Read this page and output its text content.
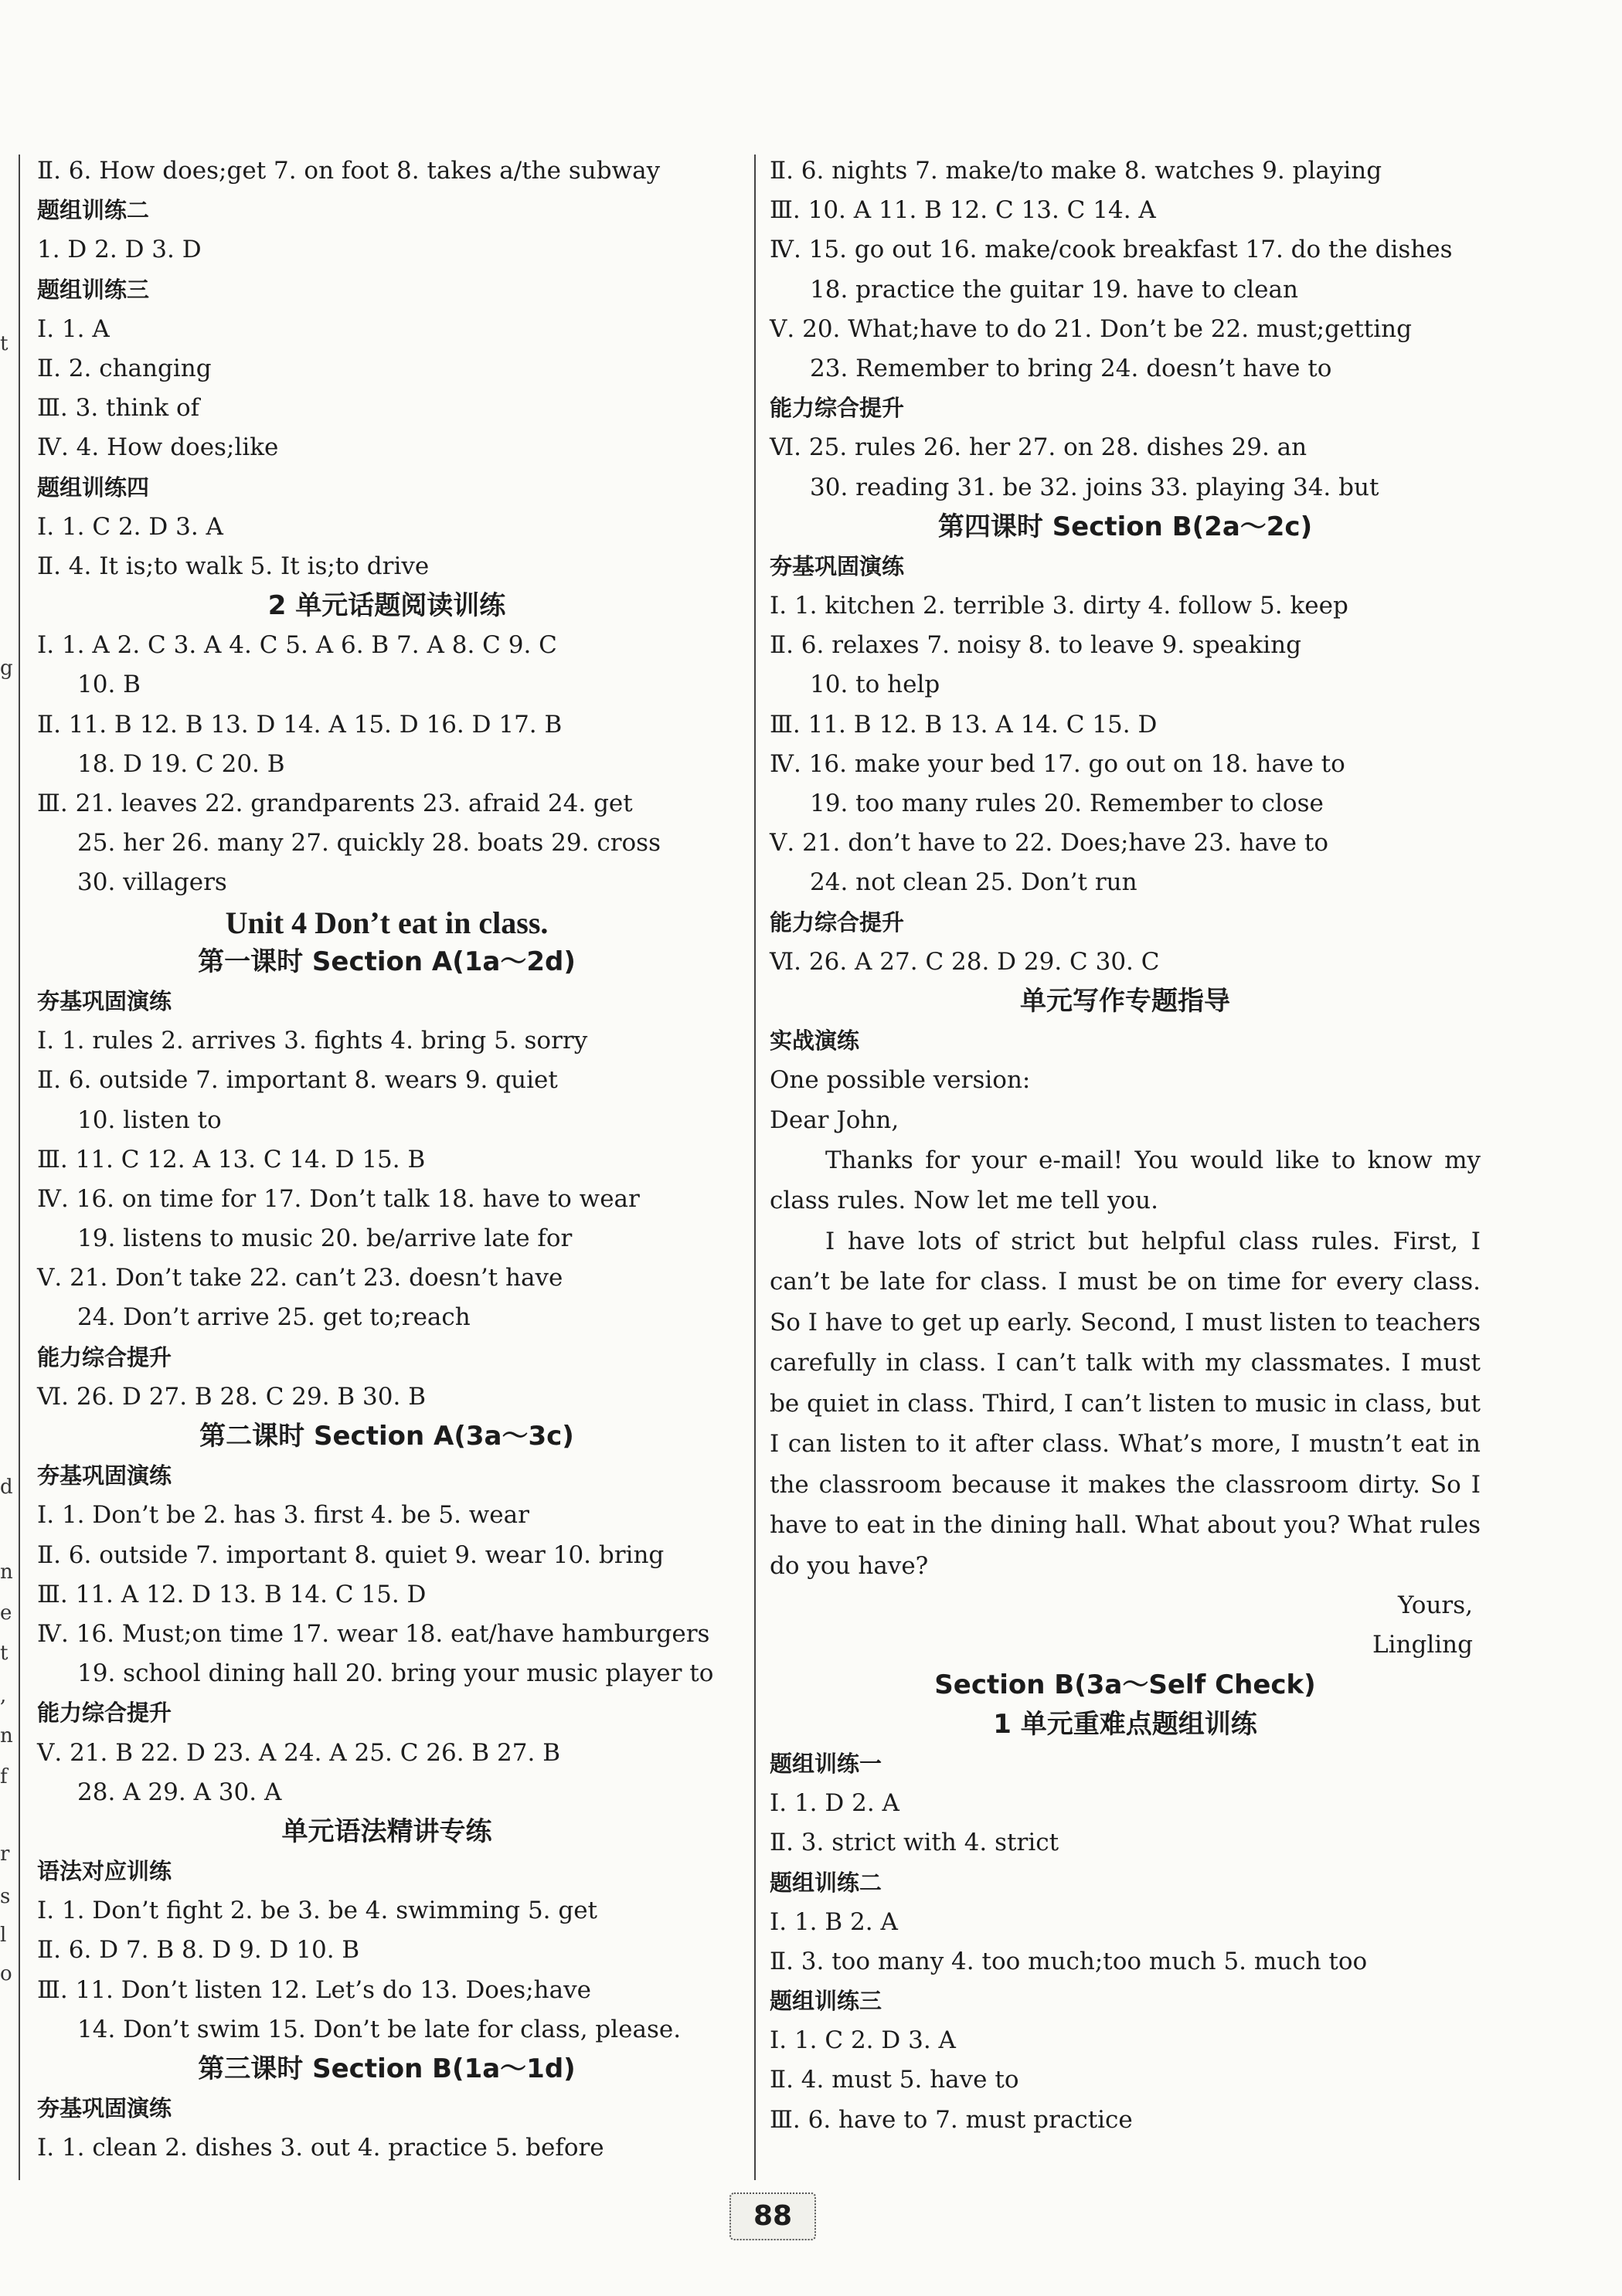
t
g
d
n
e
t
,
n
f
r
s
l
o
Ⅱ. 6. How does;get 7. on foot 8. takes a/the subway
题组训练二
1. D 2. D 3. D
题组训练三
Ⅰ. 1. A
Ⅱ. 2. changing
Ⅲ. 3. think of
Ⅳ. 4. How does;like
题组训练四
Ⅰ. 1. C 2. D 3. A
Ⅱ. 4. It is;to walk 5. It is;to drive
2 单元话题阅读训练
Ⅰ. 1. A 2. C 3. A 4. C 5. A 6. B 7. A 8. C 9. C
10. B
Ⅱ. 11. B 12. B 13. D 14. A 15. D 16. D 17. B
18. D 19. C 20. B
Ⅲ. 21. leaves 22. grandparents 23. afraid 24. get
25. her 26. many 27. quickly 28. boats 29. cross
30. villagers
Unit 4 Don’t eat in class.
第一课时 Section A(1a～2d)
夯基巩固演练
Ⅰ. 1. rules 2. arrives 3. fights 4. bring 5. sorry
Ⅱ. 6. outside 7. important 8. wears 9. quiet
10. listen to
Ⅲ. 11. C 12. A 13. C 14. D 15. B
Ⅳ. 16. on time for 17. Don’t talk 18. have to wear
19. listens to music 20. be/arrive late for
Ⅴ. 21. Don’t take 22. can’t 23. doesn’t have
24. Don’t arrive 25. get to;reach
能力综合提升
Ⅵ. 26. D 27. B 28. C 29. B 30. B
第二课时 Section A(3a～3c)
夯基巩固演练
Ⅰ. 1. Don’t be 2. has 3. first 4. be 5. wear
Ⅱ. 6. outside 7. important 8. quiet 9. wear 10. bring
Ⅲ. 11. A 12. D 13. B 14. C 15. D
Ⅳ. 16. Must;on time 17. wear 18. eat/have hamburgers
19. school dining hall 20. bring your music player to
能力综合提升
Ⅴ. 21. B 22. D 23. A 24. A 25. C 26. B 27. B
28. A 29. A 30. A
单元语法精讲专练
语法对应训练
Ⅰ. 1. Don’t fight 2. be 3. be 4. swimming 5. get
Ⅱ. 6. D 7. B 8. D 9. D 10. B
Ⅲ. 11. Don’t listen 12. Let’s do 13. Does;have
14. Don’t swim 15. Don’t be late for class, please.
第三课时 Section B(1a～1d)
夯基巩固演练
Ⅰ. 1. clean 2. dishes 3. out 4. practice 5. before
Ⅱ. 6. nights 7. make/to make 8. watches 9. playing
Ⅲ. 10. A 11. B 12. C 13. C 14. A
Ⅳ. 15. go out 16. make/cook breakfast 17. do the dishes
18. practice the guitar 19. have to clean
Ⅴ. 20. What;have to do 21. Don’t be 22. must;getting
23. Remember to bring 24. doesn’t have to
能力综合提升
Ⅵ. 25. rules 26. her 27. on 28. dishes 29. an
30. reading 31. be 32. joins 33. playing 34. but
第四课时 Section B(2a～2c)
夯基巩固演练
Ⅰ. 1. kitchen 2. terrible 3. dirty 4. follow 5. keep
Ⅱ. 6. relaxes 7. noisy 8. to leave 9. speaking
10. to help
Ⅲ. 11. B 12. B 13. A 14. C 15. D
Ⅳ. 16. make your bed 17. go out on 18. have to
19. too many rules 20. Remember to close
Ⅴ. 21. don’t have to 22. Does;have 23. have to
24. not clean 25. Don’t run
能力综合提升
Ⅵ. 26. A 27. C 28. D 29. C 30. C
单元写作专题指导
实战演练
One possible version:
Dear John,

Thanks for your e-mail! You would like to know my class rules. Now let me tell you.

I have lots of strict but helpful class rules. First, I can’t be late for class. I must be on time for every class. So I have to get up early. Second, I must listen to teachers carefully in class. I can’t talk with my classmates. I must be quiet in class. Third, I can’t listen to music in class, but I can listen to it after class. What’s more, I mustn’t eat in the classroom because it makes the classroom dirty. So I have to eat in the dining hall. What about you? What rules do you have?

Yours,
Lingling
Section B(3a～Self Check)
1 单元重难点题组训练
题组训练一
Ⅰ. 1. D 2. A
Ⅱ. 3. strict with 4. strict
题组训练二
Ⅰ. 1. B 2. A
Ⅱ. 3. too many 4. too much;too much 5. much too
题组训练三
Ⅰ. 1. C 2. D 3. A
Ⅱ. 4. must 5. have to
Ⅲ. 6. have to 7. must practice
88
